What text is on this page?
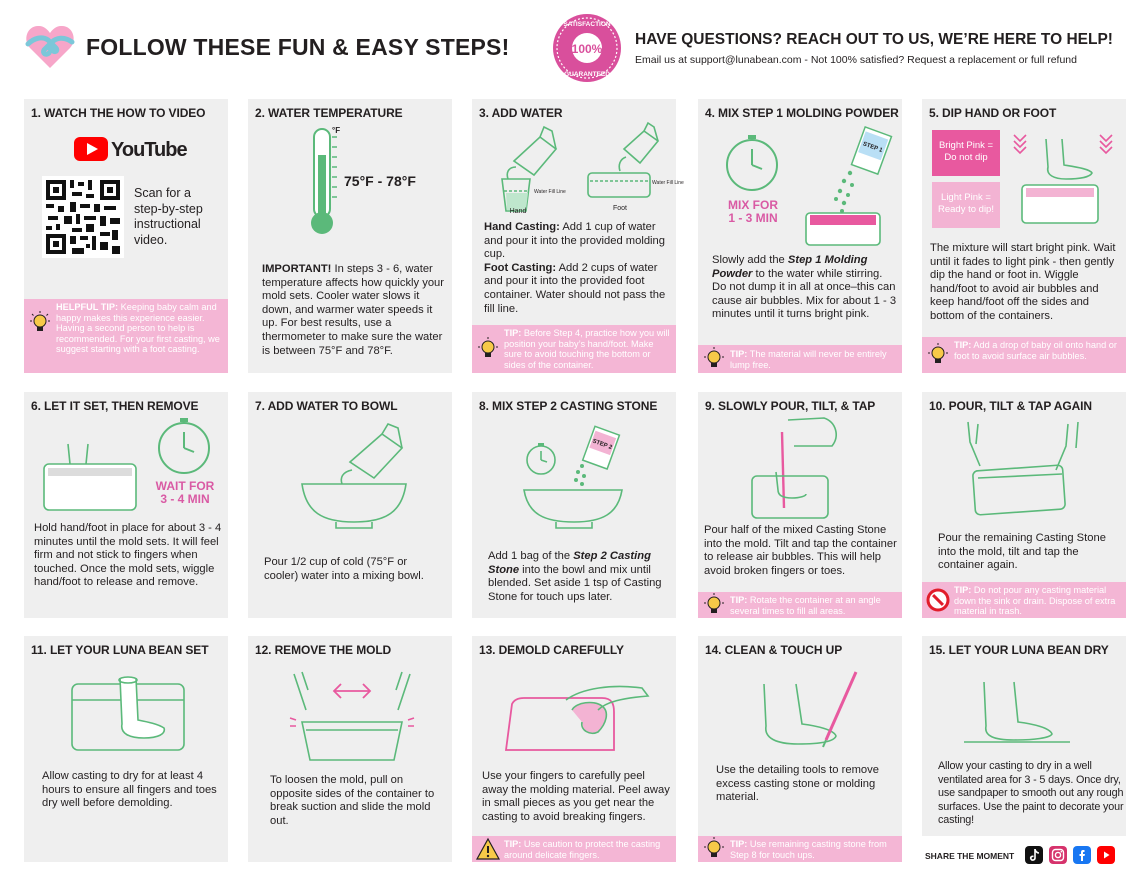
FOLLOW THESE FUN & EASY STEPS!	100%
SATISFACTION
GUARANTEED
HAVE QUESTIONS? REACH OUT TO US, WE’RE HERE TO HELP!
Email us at support@lunabean.com - Not 100% satisfied? Request a replacement or full refund
1. WATCH THE HOW TO VIDEO
YouTube
Scan for a step-by-step instructional video.
HELPFUL TIP: Keeping baby calm and happy makes this experience easier. Having a second person to help is recommended. For your first casting, we suggest starting with a foot casting.
2. WATER TEMPERATURE
°F
75°F - 78°F
IMPORTANT! In steps 3 - 6, water temperature affects how quickly your mold sets. Cooler water slows it down, and warmer water speeds it up. For best results, use a thermometer to make sure the water is between 75°F and 78°F.
3. ADD WATER
Water Fill Line
Water Fill Line
Hand	Foot
Hand Casting: Add 1 cup of water and pour it into the provided molding cup.
Foot Casting: Add 2 cups of water and pour it into the provided foot container. Water should not pass the fill line.
TIP: Before Step 4, practice how you will position your baby’s hand/foot. Make sure to avoid touching the bottom or sides of the container.
4. MIX STEP 1 MOLDING POWDER
MIX FOR
1 - 3 MIN
STEP 1
Slowly add the Step 1 Molding Powder to the water while stirring. Do not dump it in all at once–this can cause air bubbles. Mix for about 1 - 3 minutes until it turns bright pink.
TIP: The material will never be entirely lump free.
5. DIP HAND OR FOOT
Bright Pink = Do not dip
Light Pink = Ready to dip!
The mixture will start bright pink. Wait until it fades to light pink - then gently dip the hand or foot in. Wiggle hand/foot to avoid air bubbles and keep hand/foot off the sides and bottom of the containers.
TIP: Add a drop of baby oil onto hand or foot to avoid surface air bubbles.
6. LET IT SET, THEN REMOVE
WAIT FOR
3 - 4 MIN
Hold hand/foot in place for about 3 - 4 minutes until the mold sets. It will feel firm and not stick to fingers when touched. Once the mold sets, wiggle hand/foot to release and remove.
7. ADD WATER TO BOWL
Pour 1/2 cup of cold (75°F or cooler) water into a mixing bowl.
8. MIX STEP 2 CASTING STONE
STEP 2
Add 1 bag of the Step 2 Casting Stone into the bowl and mix until blended. Set aside 1 tsp of Casting Stone for touch ups later.
9. SLOWLY POUR, TILT, & TAP
Pour half of the mixed Casting Stone into the mold. Tilt and tap the container to release air bubbles. This will help avoid broken fingers or toes.
TIP: Rotate the container at an angle several times to fill all areas.
10. POUR, TILT & TAP AGAIN
Pour the remaining Casting Stone into the mold, tilt and tap the container again.
TIP: Do not pour any casting material down the sink or drain. Dispose of extra material in trash.
11. LET YOUR LUNA BEAN SET
Allow casting to dry for at least 4 hours to ensure all fingers and toes dry well before demolding.
12. REMOVE THE MOLD
To loosen the mold, pull on opposite sides of the container to break suction and slide the mold out.
13. DEMOLD CAREFULLY
Use your fingers to carefully peel away the molding material. Peel away in small pieces as you get near the casting to avoid breaking fingers.
TIP: Use caution to protect the casting around delicate fingers.
14. CLEAN & TOUCH UP
Use the detailing tools to remove excess casting stone or molding material.
TIP: Use remaining casting stone from Step 8 for touch ups.
15. LET YOUR LUNA BEAN DRY
Allow your casting to dry in a well ventilated area for 3 - 5 days. Once dry, use sandpaper to smooth out any rough surfaces. Use the paint to decorate your casting!
SHARE THE MOMENT
